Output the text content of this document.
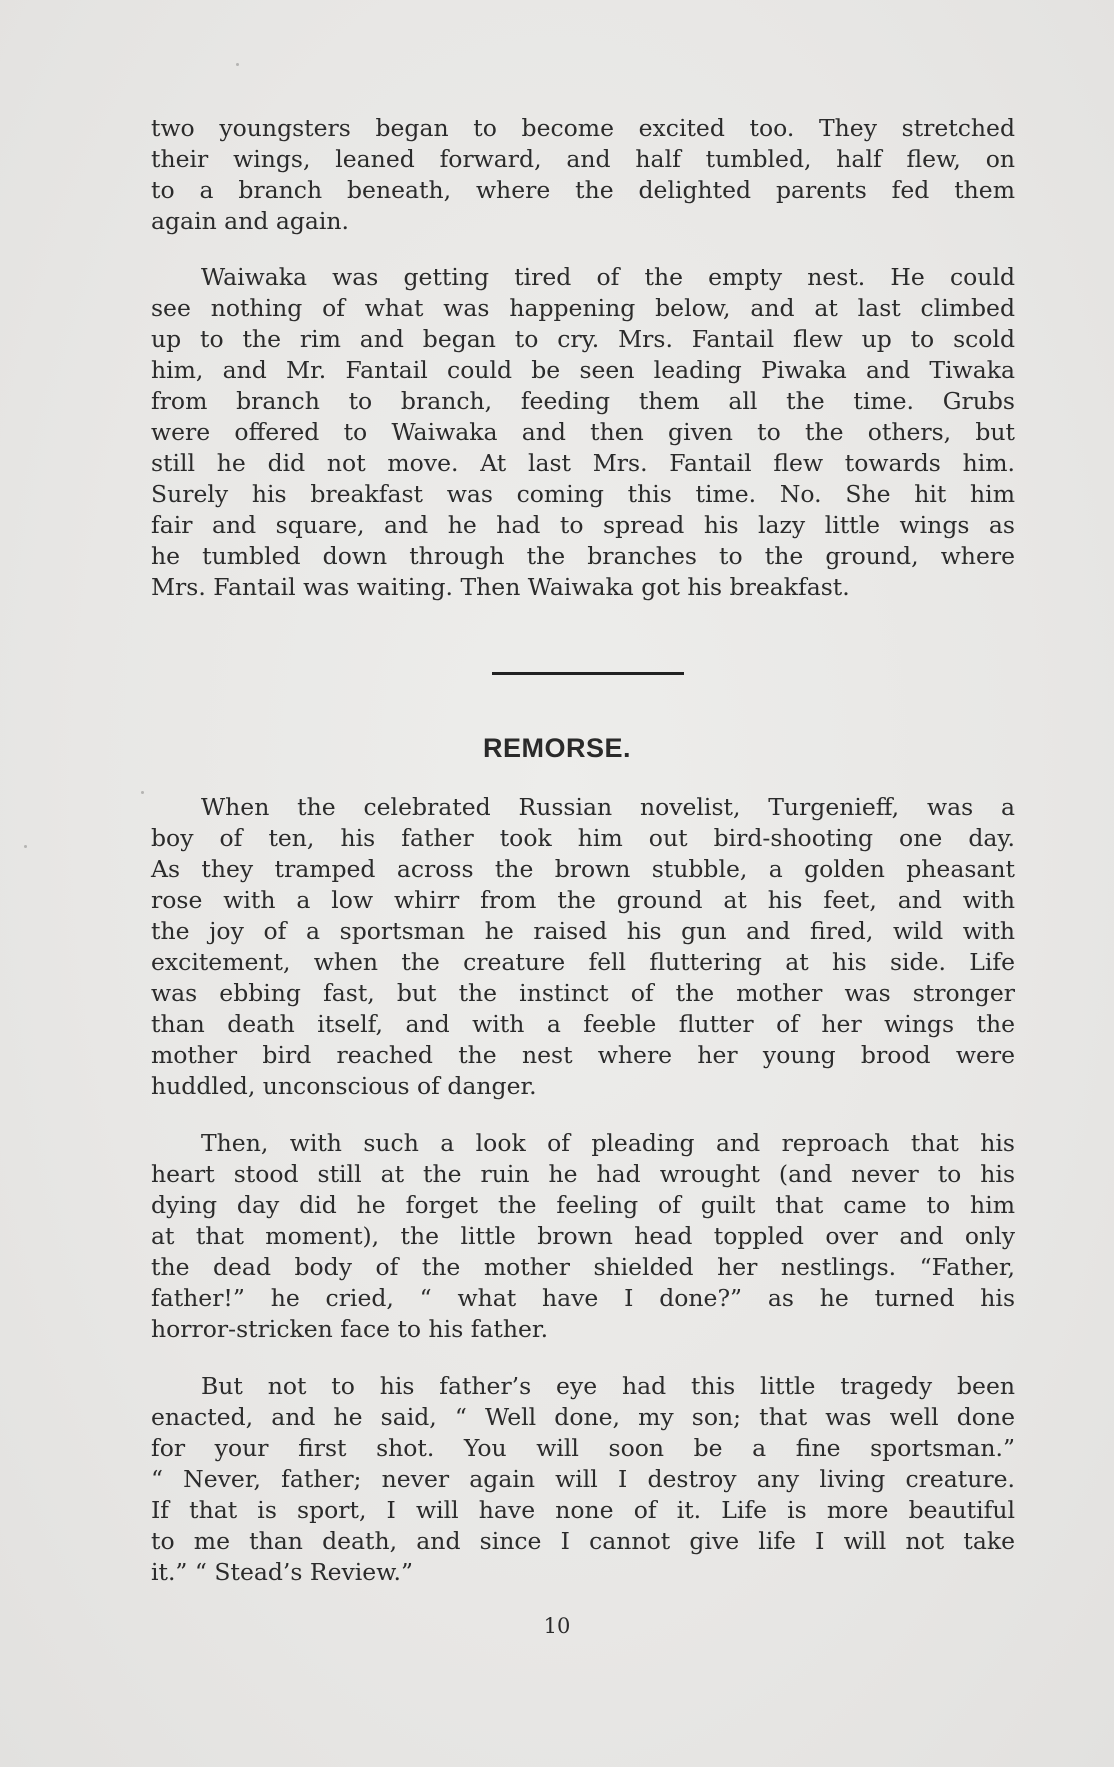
two youngsters began to become excited too. They stretched
their wings, leaned forward, and half tumbled, half flew, on
to a branch beneath, where the delighted parents fed them
again and again.

Waiwaka was getting tired of the empty nest. He could
see nothing of what was happening below, and at last climbed
up to the rim and began to cry. Mrs. Fantail flew up to scold
him, and Mr. Fantail could be seen leading Piwaka and Tiwaka
from branch to branch, feeding them all the time. Grubs
were offered to Waiwaka and then given to the others, but
still he did not move. At last Mrs. Fantail flew towards him.
Surely his breakfast was coming this time. No. She hit him
fair and square, and he had to spread his lazy little wings as
he tumbled down through the branches to the ground, where
Mrs. Fantail was waiting. Then Waiwaka got his breakfast.

REMORSE.

When the celebrated Russian novelist, Turgenieff, was a
boy of ten, his father took him out bird-shooting one day.
As they tramped across the brown stubble, a golden pheasant
rose with a low whirr from the ground at his feet, and with
the joy of a sportsman he raised his gun and fired, wild with
excitement, when the creature fell fluttering at his side. Life
was ebbing fast, but the instinct of the mother was stronger
than death itself, and with a feeble flutter of her wings the
mother bird reached the nest where her young brood were
huddled, unconscious of danger.

Then, with such a look of pleading and reproach that his
heart stood still at the ruin he had wrought (and never to his
dying day did he forget the feeling of guilt that came to him
at that moment), the little brown head toppled over and only
the dead body of the mother shielded her nestlings. “Father,
father!” he cried, “ what have I done?” as he turned his
horror-stricken face to his father.

But not to his father’s eye had this little tragedy been
enacted, and he said, “ Well done, my son; that was well done
for your first shot. You will soon be a fine sportsman.”
“ Never, father; never again will I destroy any living creature.
If that is sport, I will have none of it. Life is more beautiful
to me than death, and since I cannot give life I will not take
it.” “ Stead’s Review.”

10
